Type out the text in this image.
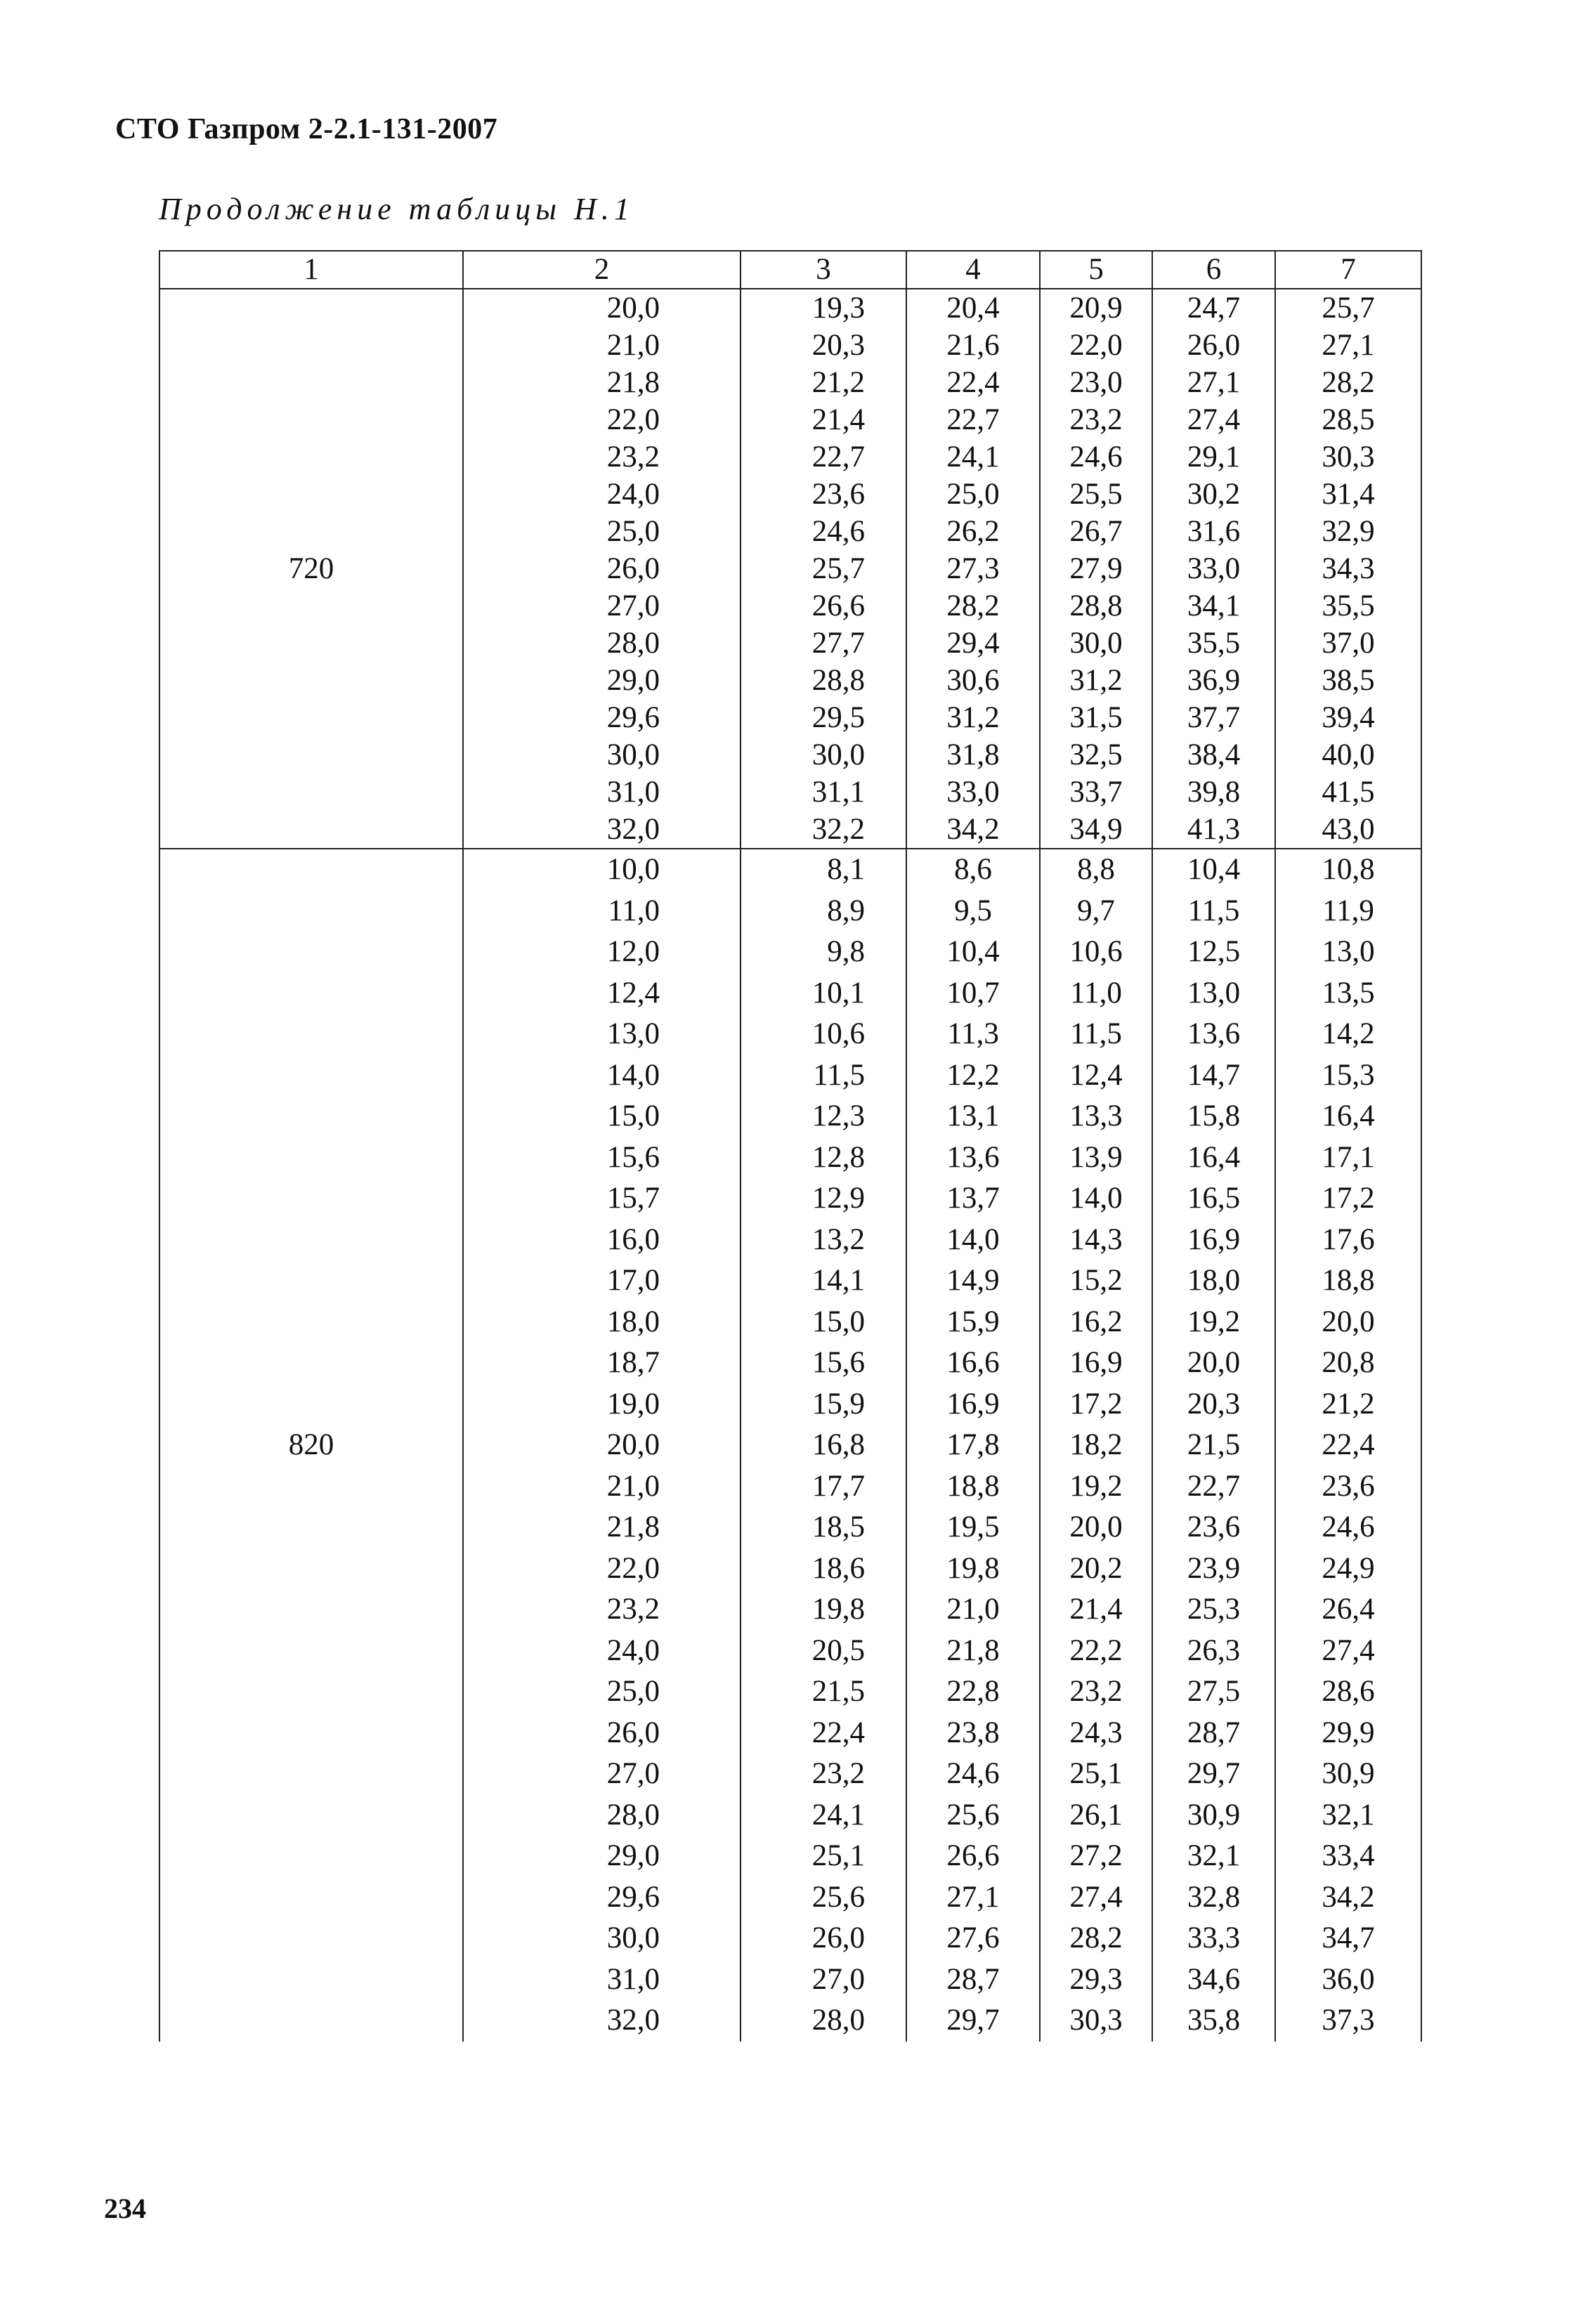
СТО Газпром 2-2.1-131-2007
Продолжение таблицы Н.1
1	2	3	4	5	6	7
720	20,0	19,3	20,4	20,9	24,7	25,7
	21,0	20,3	21,6	22,0	26,0	27,1
	21,8	21,2	22,4	23,0	27,1	28,2
	22,0	21,4	22,7	23,2	27,4	28,5
	23,2	22,7	24,1	24,6	29,1	30,3
	24,0	23,6	25,0	25,5	30,2	31,4
	25,0	24,6	26,2	26,7	31,6	32,9
	26,0	25,7	27,3	27,9	33,0	34,3
	27,0	26,6	28,2	28,8	34,1	35,5
	28,0	27,7	29,4	30,0	35,5	37,0
	29,0	28,8	30,6	31,2	36,9	38,5
	29,6	29,5	31,2	31,5	37,7	39,4
	30,0	30,0	31,8	32,5	38,4	40,0
	31,0	31,1	33,0	33,7	39,8	41,5
	32,0	32,2	34,2	34,9	41,3	43,0
820	10,0	8,1	8,6	8,8	10,4	10,8
	11,0	8,9	9,5	9,7	11,5	11,9
	12,0	9,8	10,4	10,6	12,5	13,0
	12,4	10,1	10,7	11,0	13,0	13,5
	13,0	10,6	11,3	11,5	13,6	14,2
	14,0	11,5	12,2	12,4	14,7	15,3
	15,0	12,3	13,1	13,3	15,8	16,4
	15,6	12,8	13,6	13,9	16,4	17,1
	15,7	12,9	13,7	14,0	16,5	17,2
	16,0	13,2	14,0	14,3	16,9	17,6
	17,0	14,1	14,9	15,2	18,0	18,8
	18,0	15,0	15,9	16,2	19,2	20,0
	18,7	15,6	16,6	16,9	20,0	20,8
	19,0	15,9	16,9	17,2	20,3	21,2
	20,0	16,8	17,8	18,2	21,5	22,4
	21,0	17,7	18,8	19,2	22,7	23,6
	21,8	18,5	19,5	20,0	23,6	24,6
	22,0	18,6	19,8	20,2	23,9	24,9
	23,2	19,8	21,0	21,4	25,3	26,4
	24,0	20,5	21,8	22,2	26,3	27,4
	25,0	21,5	22,8	23,2	27,5	28,6
	26,0	22,4	23,8	24,3	28,7	29,9
	27,0	23,2	24,6	25,1	29,7	30,9
	28,0	24,1	25,6	26,1	30,9	32,1
	29,0	25,1	26,6	27,2	32,1	33,4
	29,6	25,6	27,1	27,4	32,8	34,2
	30,0	26,0	27,6	28,2	33,3	34,7
	31,0	27,0	28,7	29,3	34,6	36,0
	32,0	28,0	29,7	30,3	35,8	37,3
234
